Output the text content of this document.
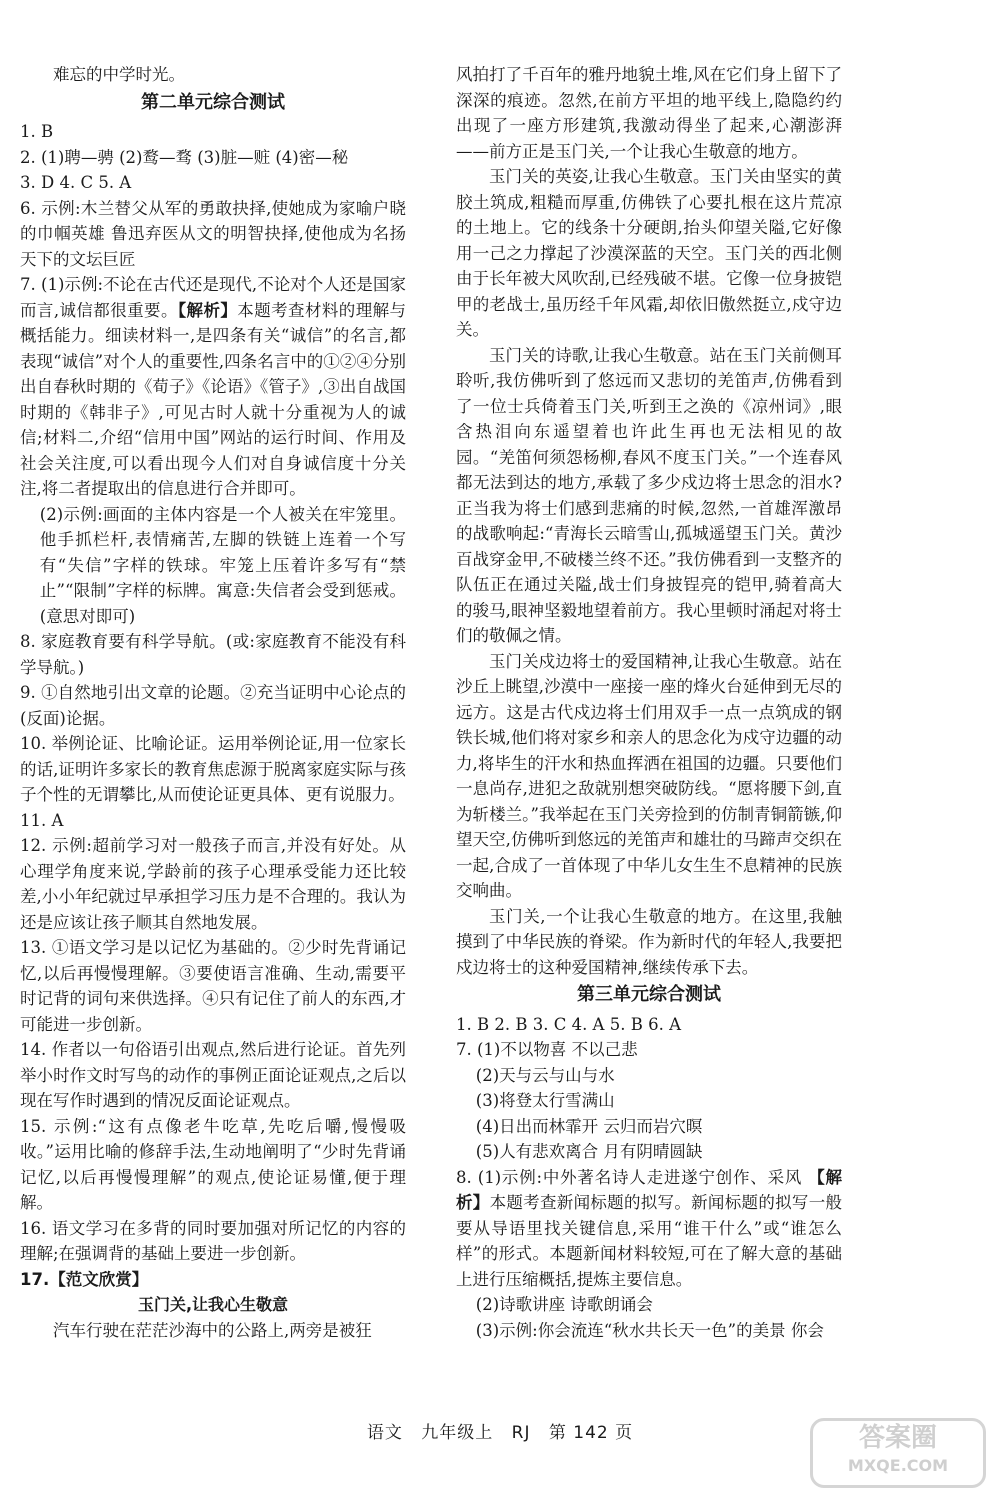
难忘的中学时光。

第二单元综合测试

1. B

2. (1)聘—骋 (2)鹜—骛 (3)脏—赃 (4)密—秘

3. D 4. C 5. A

6. 示例:木兰替父从军的勇敢抉择,使她成为家喻户晓的巾帼英雄 鲁迅弃医从文的明智抉择,使他成为名扬天下的文坛巨匠

7. (1)示例:不论在古代还是现代,不论对个人还是国家而言,诚信都很重要。【解析】本题考查材料的理解与概括能力。细读材料一,是四条有关“诚信”的名言,都表现“诚信”对个人的重要性,四条名言中的①②④分别出自春秋时期的《荀子》《论语》《管子》,③出自战国时期的《韩非子》,可见古时人就十分重视为人的诚信;材料二,介绍“信用中国”网站的运行时间、作用及社会关注度,可以看出现今人们对自身诚信度十分关注,将二者提取出的信息进行合并即可。

(2)示例:画面的主体内容是一个人被关在牢笼里。他手抓栏杆,表情痛苦,左脚的铁链上连着一个写有“失信”字样的铁球。牢笼上压着许多写有“禁止”“限制”字样的标牌。寓意:失信者会受到惩戒。(意思对即可)

8. 家庭教育要有科学导航。(或:家庭教育不能没有科学导航。)

9. ①自然地引出文章的论题。②充当证明中心论点的(反面)论据。

10. 举例论证、比喻论证。运用举例论证,用一位家长的话,证明许多家长的教育焦虑源于脱离家庭实际与孩子个性的无谓攀比,从而使论证更具体、更有说服力。

11. A

12. 示例:超前学习对一般孩子而言,并没有好处。从心理学角度来说,学龄前的孩子心理承受能力还比较差,小小年纪就过早承担学习压力是不合理的。我认为还是应该让孩子顺其自然地发展。

13. ①语文学习是以记忆为基础的。②少时先背诵记忆,以后再慢慢理解。③要使语言准确、生动,需要平时记背的词句来供选择。④只有记住了前人的东西,才可能进一步创新。

14. 作者以一句俗语引出观点,然后进行论证。首先列举小时作文时写鸟的动作的事例正面论证观点,之后以现在写作时遇到的情况反面论证观点。

15. 示例:“这有点像老牛吃草,先吃后嚼,慢慢吸收。”运用比喻的修辞手法,生动地阐明了“少时先背诵记忆,以后再慢慢理解”的观点,使论证易懂,便于理解。

16. 语文学习在多背的同时要加强对所记忆的内容的理解;在强调背的基础上要进一步创新。

17.【范文欣赏】

玉门关,让我心生敬意

汽车行驶在茫茫沙海中的公路上,两旁是被狂

风拍打了千百年的雅丹地貌土堆,风在它们身上留下了深深的痕迹。忽然,在前方平坦的地平线上,隐隐约约出现了一座方形建筑,我激动得坐了起来,心潮澎湃——前方正是玉门关,一个让我心生敬意的地方。

玉门关的英姿,让我心生敬意。玉门关由坚实的黄胶土筑成,粗糙而厚重,仿佛铁了心要扎根在这片荒凉的土地上。它的线条十分硬朗,抬头仰望关隘,它好像用一己之力撑起了沙漠深蓝的天空。玉门关的西北侧由于长年被大风吹刮,已经残破不堪。它像一位身披铠甲的老战士,虽历经千年风霜,却依旧傲然挺立,戍守边关。

玉门关的诗歌,让我心生敬意。站在玉门关前侧耳聆听,我仿佛听到了悠远而又悲切的羌笛声,仿佛看到了一位士兵倚着玉门关,听到王之涣的《凉州词》,眼含热泪向东遥望着也许此生再也无法相见的故园。“羌笛何须怨杨柳,春风不度玉门关。”一个连春风都无法到达的地方,承载了多少戍边将士思念的泪水?正当我为将士们感到悲痛的时候,忽然,一首雄浑激昂的战歌响起:“青海长云暗雪山,孤城遥望玉门关。黄沙百战穿金甲,不破楼兰终不还。”我仿佛看到一支整齐的队伍正在通过关隘,战士们身披锃亮的铠甲,骑着高大的骏马,眼神坚毅地望着前方。我心里顿时涌起对将士们的敬佩之情。

玉门关戍边将士的爱国精神,让我心生敬意。站在沙丘上眺望,沙漠中一座接一座的烽火台延伸到无尽的远方。这是古代戍边将士们用双手一点一点筑成的钢铁长城,他们将对家乡和亲人的思念化为戍守边疆的动力,将毕生的汗水和热血挥洒在祖国的边疆。只要他们一息尚存,进犯之敌就别想突破防线。“愿将腰下剑,直为斩楼兰。”我举起在玉门关旁捡到的仿制青铜箭镞,仰望天空,仿佛听到悠远的羌笛声和雄壮的马蹄声交织在一起,合成了一首体现了中华儿女生生不息精神的民族交响曲。

玉门关,一个让我心生敬意的地方。在这里,我触摸到了中华民族的脊梁。作为新时代的年轻人,我要把戍边将士的这种爱国精神,继续传承下去。

第三单元综合测试

1. B 2. B 3. C 4. A 5. B 6. A

7. (1)不以物喜 不以己悲

(2)天与云与山与水

(3)将登太行雪满山

(4)日出而林霏开 云归而岩穴暝

(5)人有悲欢离合 月有阴晴圆缺

8. (1)示例:中外著名诗人走进遂宁创作、采风 【解析】本题考查新闻标题的拟写。新闻标题的拟写一般要从导语里找关键信息,采用“谁干什么”或“谁怎么样”的形式。本题新闻材料较短,可在了解大意的基础上进行压缩概括,提炼主要信息。

(2)诗歌讲座 诗歌朗诵会

(3)示例:你会流连“秋水共长天一色”的美景 你会

语文 九年级上 RJ 第 142 页	答案圈
MXQE.COM
